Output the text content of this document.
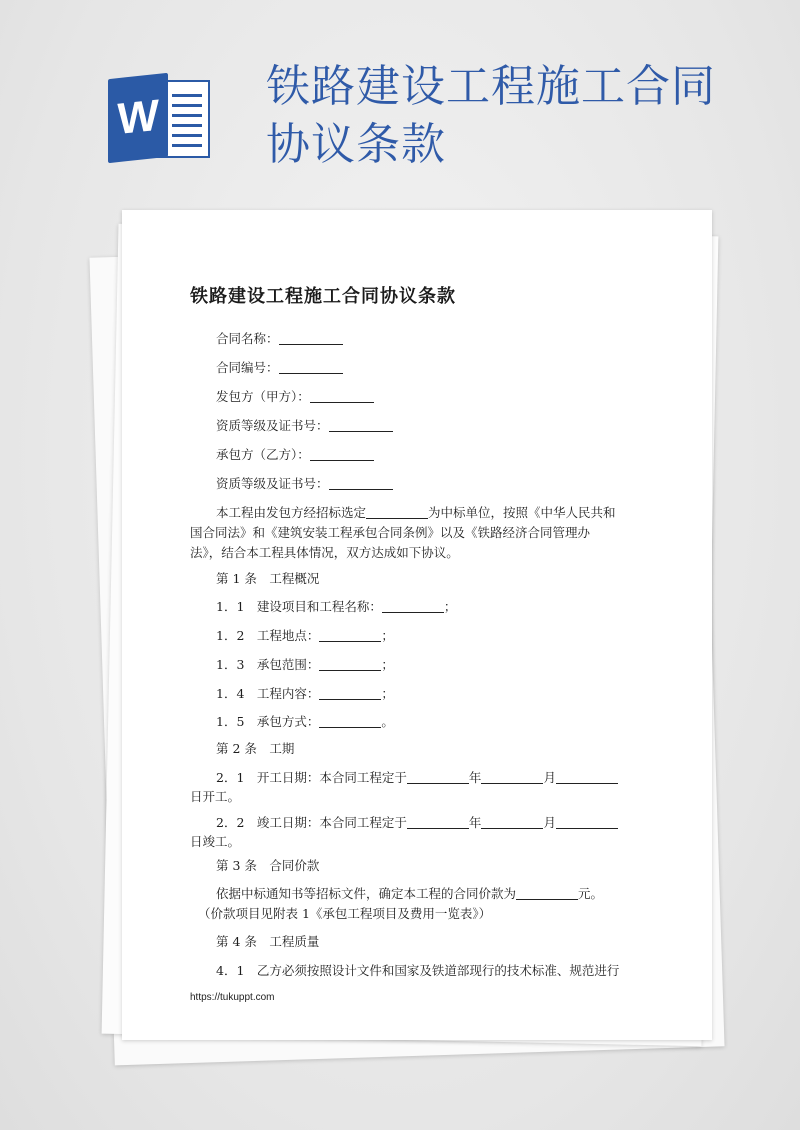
W
铁路建设工程施工合同
协议条款
铁路建设工程施工合同协议条款
合同名称：
合同编号：
发包方（甲方）：
资质等级及证书号：
承包方（乙方）：
资质等级及证书号：
本工程由发包方经招标选定	为中标单位，按照《中华人民共和
国合同法》和《建筑安装工程承包合同条例》以及《铁路经济合同管理办
法》，结合本工程具体情况，双方达成如下协议。
第 1 条　工程概况
1．1　建设项目和工程名称：	；
1．2　工程地点：	；
1．3　承包范围：	；
1．4　工程内容：	；
1．5　承包方式：	。
第 2 条　工期
2．1　开工日期：本合同工程定于	年	月
日开工。
2．2　竣工日期：本合同工程定于	年	月
日竣工。
第 3 条　合同价款
依据中标通知书等招标文件，确定本工程的合同价款为	元。
（价款项目见附表 1《承包工程项目及费用一览表》）
第 4 条　工程质量
4．1　乙方必须按照设计文件和国家及铁道部现行的技术标准、规范进行
https://tukuppt.com
